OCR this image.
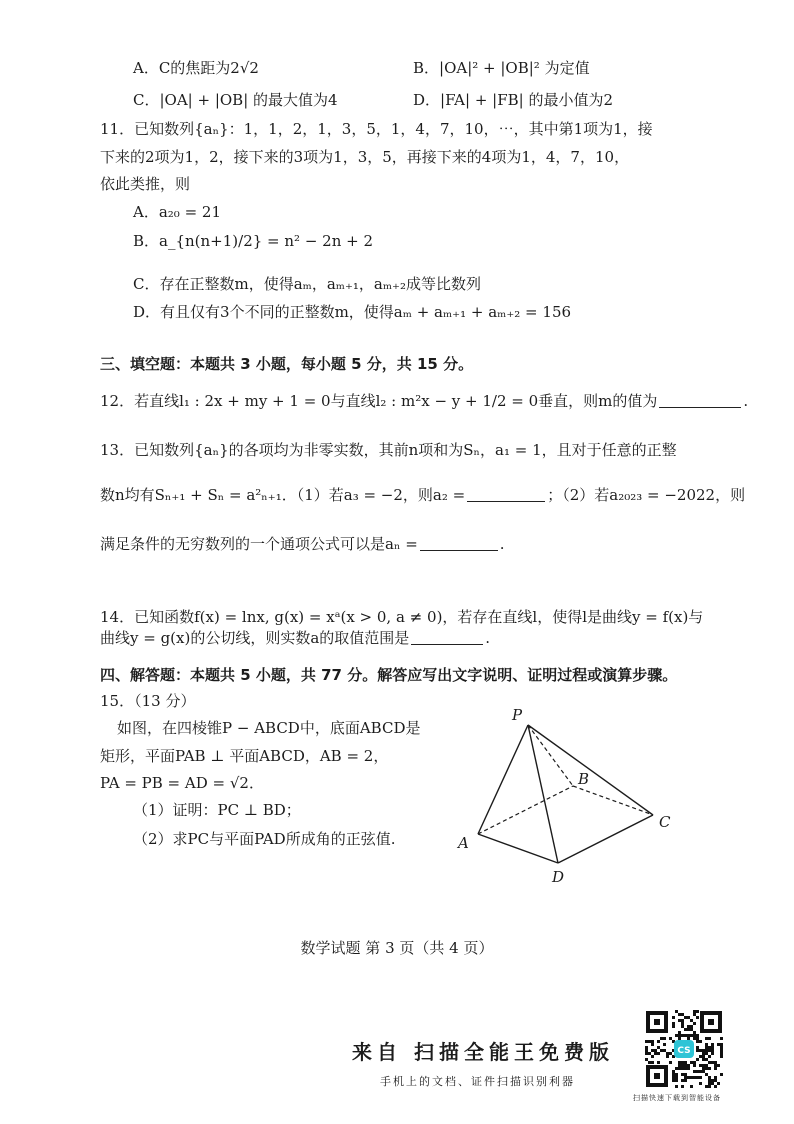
A．C的焦距为2√2	B．|OA|² + |OB|² 为定值
C．|OA| + |OB| 的最大值为4	D．|FA| + |FB| 的最小值为2
11．已知数列{aₙ}：1，1，2，1，3，5，1，4，7，10，⋯，其中第1项为1，接
下来的2项为1，2，接下来的3项为1，3，5，再接下来的4项为1，4，7，10，
依此类推，则
A．a₂₀ = 21
B．a_{n(n+1)/2} = n² − 2n + 2
C．存在正整数m，使得aₘ，aₘ₊₁，aₘ₊₂成等比数列
D．有且仅有3个不同的正整数m，使得aₘ + aₘ₊₁ + aₘ₊₂ = 156
三、填空题：本题共 3 小题，每小题 5 分，共 15 分。
12．若直线l₁ : 2x + my + 1 = 0与直线l₂ : m²x − y + 1/2 = 0垂直，则m的值为	.
13．已知数列{aₙ}的各项均为非零实数，其前n项和为Sₙ，a₁ = 1，且对于任意的正整
数n均有Sₙ₊₁ + Sₙ = a²ₙ₊₁．（1）若a₃ = −2，则a₂ =	；（2）若a₂₀₂₃ = −2022，则
满足条件的无穷数列的一个通项公式可以是aₙ =	.
14．已知函数f(x) = lnx, g(x) = xᵃ(x > 0, a ≠ 0)，若存在直线l，使得l是曲线y = f(x)与
曲线y = g(x)的公切线，则实数a的取值范围是	.
四、解答题：本题共 5 小题，共 77 分。解答应写出文字说明、证明过程或演算步骤。
15．（13 分）
如图，在四棱锥P − ABCD中，底面ABCD是
矩形，平面PAB ⊥ 平面ABCD，AB = 2，
PA = PB = AD = √2．
（1）证明：PC ⊥ BD；
（2）求PC与平面PAD所成角的正弦值.
P
A
B
C
D
数学试题 第 3 页（共 4 页）
来自 扫描全能王免费版
手机上的文档、证件扫描识别利器
CS
扫描快速下载到智能设备
